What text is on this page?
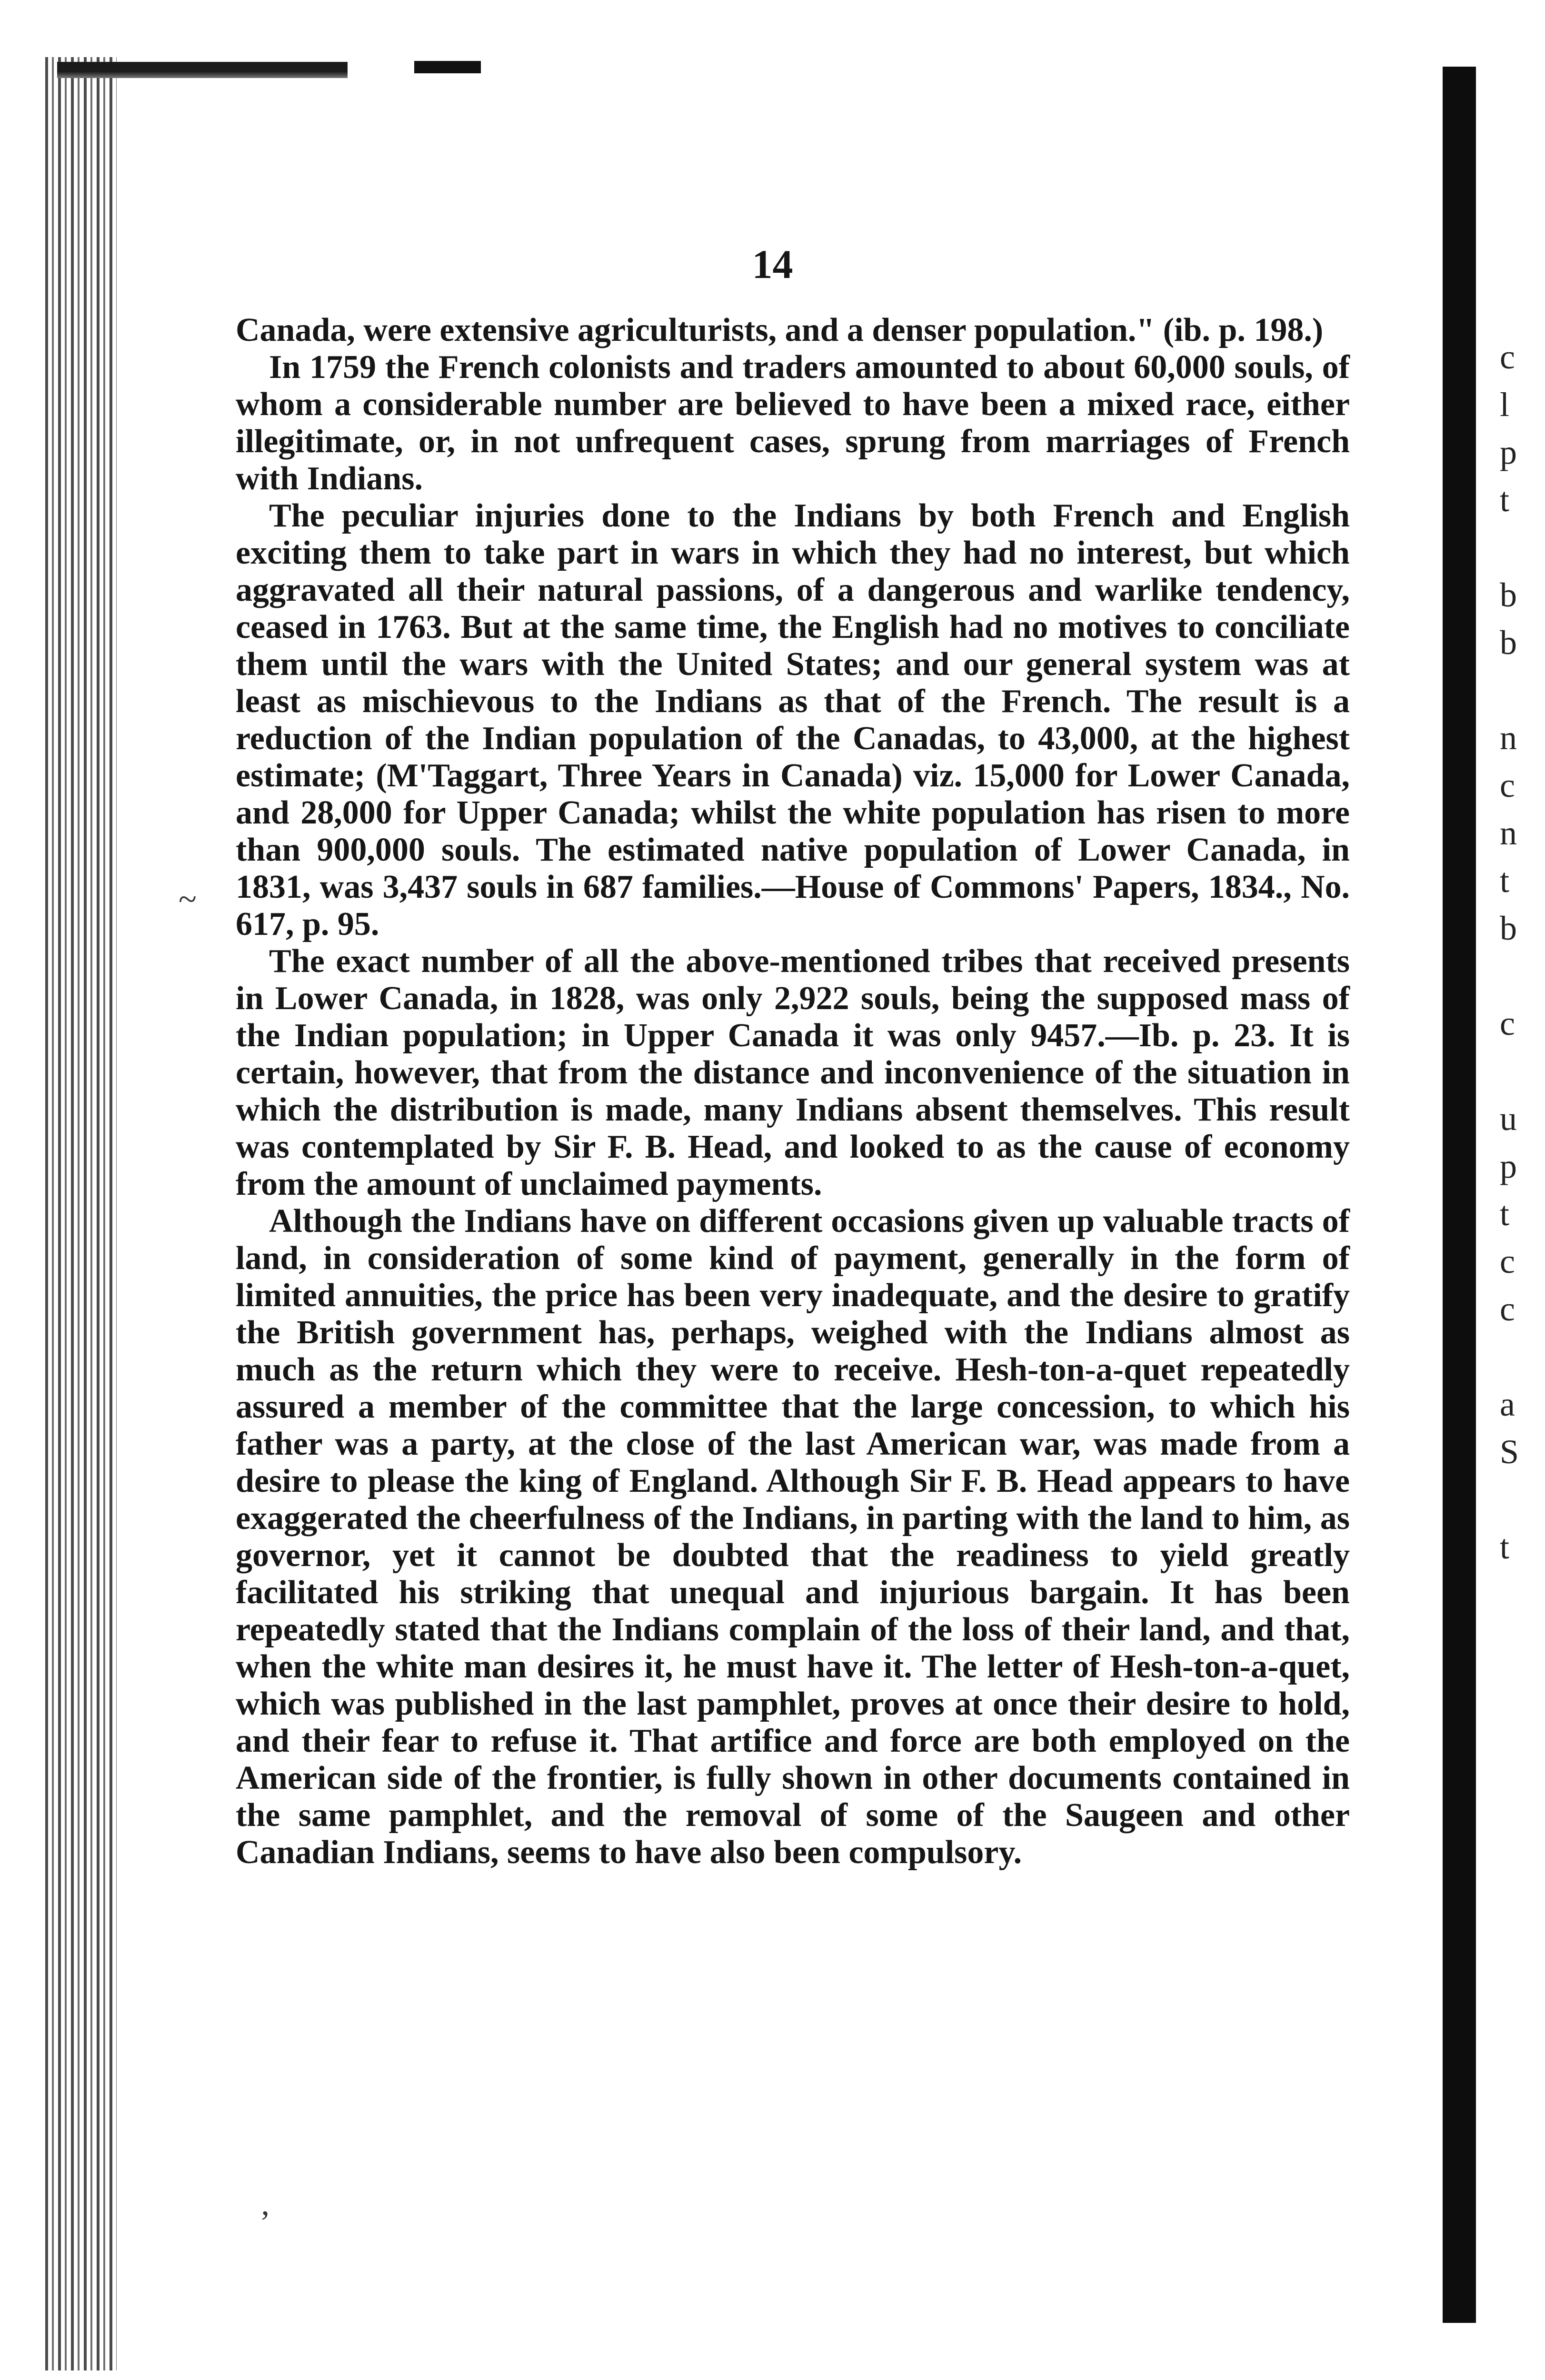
c
l
p
t
b
b
n
c
n
t
b
c
u
p
t
c
c
a
S
t
14

Canada, were extensive agriculturists, and a denser population." (ib. p. 198.)

In 1759 the French colonists and traders amounted to about 60,000 souls, of whom a considerable number are believed to have been a mixed race, either illegitimate, or, in not unfrequent cases, sprung from marriages of French with Indians.

The peculiar injuries done to the Indians by both French and English exciting them to take part in wars in which they had no interest, but which aggravated all their natural passions, of a dangerous and warlike tendency, ceased in 1763. But at the same time, the English had no motives to conciliate them until the wars with the United States; and our general system was at least as mischievous to the Indians as that of the French. The result is a reduction of the Indian population of the Canadas, to 43,000, at the highest estimate; (M'Taggart, Three Years in Canada) viz. 15,000 for Lower Canada, and 28,000 for Upper Canada; whilst the white population has risen to more than 900,000 souls. The estimated native population of Lower Canada, in 1831, was 3,437 souls in 687 families.—House of Commons' Papers, 1834., No. 617, p. 95.

The exact number of all the above-mentioned tribes that received presents in Lower Canada, in 1828, was only 2,922 souls, being the supposed mass of the Indian population; in Upper Canada it was only 9457.—Ib. p. 23. It is certain, however, that from the distance and inconvenience of the situation in which the distribution is made, many Indians absent themselves. This result was contemplated by Sir F. B. Head, and looked to as the cause of economy from the amount of unclaimed payments.

Although the Indians have on different occasions given up valuable tracts of land, in consideration of some kind of payment, generally in the form of limited annuities, the price has been very inadequate, and the desire to gratify the British government has, perhaps, weighed with the Indians almost as much as the return which they were to receive. Hesh-ton-a-quet repeatedly assured a member of the committee that the large concession, to which his father was a party, at the close of the last American war, was made from a desire to please the king of England. Although Sir F. B. Head appears to have exaggerated the cheerfulness of the Indians, in parting with the land to him, as governor, yet it cannot be doubted that the readiness to yield greatly facilitated his striking that unequal and injurious bargain. It has been repeatedly stated that the Indians complain of the loss of their land, and that, when the white man desires it, he must have it. The letter of Hesh-ton-a-quet, which was published in the last pamphlet, proves at once their desire to hold, and their fear to refuse it. That artifice and force are both employed on the American side of the frontier, is fully shown in other documents contained in the same pamphlet, and the removal of some of the Saugeen and other Canadian Indians, seems to have also been compulsory.

~
’
